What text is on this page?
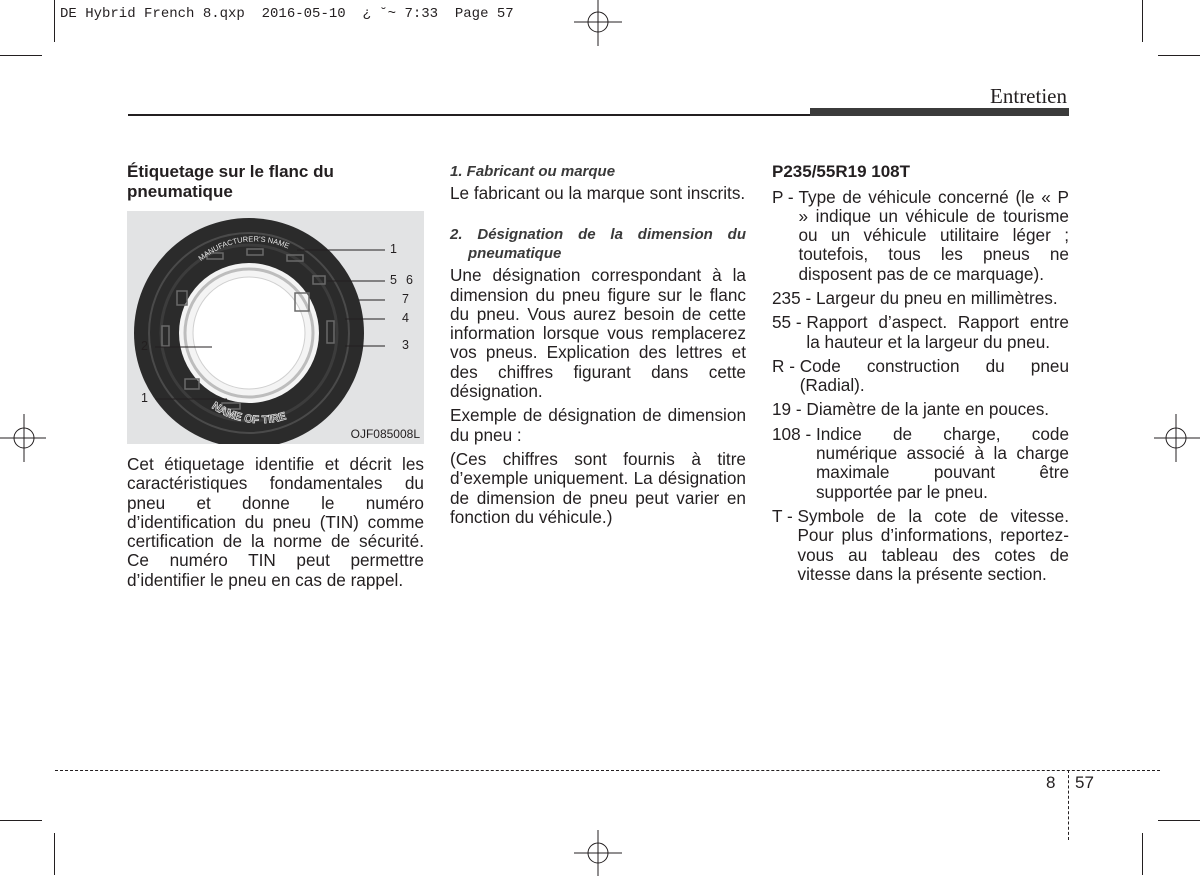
DE Hybrid French 8.qxp  2016-05-10  ¿ ˘~ 7:33  Page 57
Entretien

Étiquetage sur le flanc du pneumatique

MANUFACTURER'S NAME
NAME OF TIRE
1
5 6
7
4
2	3
1
OJF085008L

Cet étiquetage identifie et décrit les caractéristiques fondamentales du pneu et donne le numéro d’identification du pneu (TIN) comme certification de la norme de sécurité. Ce numéro TIN peut permettre d’identifier le pneu en cas de rappel.

1. Fabricant ou marque

Le fabricant ou la marque sont inscrits.

2. Désignation de la dimension du pneumatique

Une désignation correspondant à la dimension du pneu figure sur le flanc du pneu. Vous aurez besoin de cette information lorsque vous remplacerez vos pneus. Explication des lettres et des chiffres figurant dans cette désignation.

Exemple de désignation de dimension du pneu :

(Ces chiffres sont fournis à titre d’exemple uniquement. La désignation de dimension de pneu peut varier en fonction du véhicule.)

P235/55R19 108T

P - Type de véhicule concerné (le « P » indique un véhicule de tourisme ou un véhicule utilitaire léger ; toutefois, tous les pneus ne disposent pas de ce marquage).
235 - Largeur du pneu en millimètres.
55 - Rapport d’aspect. Rapport entre la hauteur et la largeur du pneu.
R - Code construction du pneu (Radial).
19 - Diamètre de la jante en pouces.
108 - Indice de charge, code numérique associé à la charge maximale pouvant être supportée par le pneu.
T - Symbole de la cote de vitesse. Pour plus d’informations, reportez-vous au tableau des cotes de vitesse dans la présente section.
8 57
